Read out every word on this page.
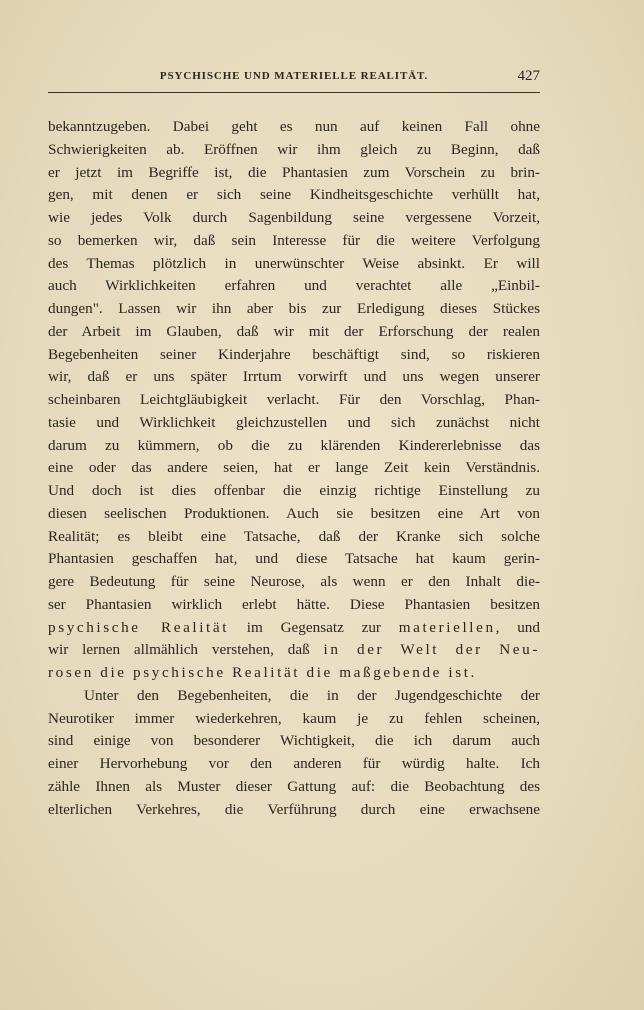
PSYCHISCHE UND MATERIELLE REALITÄT.	427
bekanntzugeben. Dabei geht es nun auf keinen Fall ohne
Schwierigkeiten ab. Eröffnen wir ihm gleich zu Beginn, daß
er jetzt im Begriffe ist, die Phantasien zum Vorschein zu brin-
gen, mit denen er sich seine Kindheitsgeschichte verhüllt hat,
wie jedes Volk durch Sagenbildung seine vergessene Vorzeit,
so bemerken wir, daß sein Interesse für die weitere Verfolgung
des Themas plötzlich in unerwünschter Weise absinkt. Er will
auch Wirklichkeiten erfahren und verachtet alle „Einbil-
dungen". Lassen wir ihn aber bis zur Erledigung dieses Stückes
der Arbeit im Glauben, daß wir mit der Erforschung der realen
Begebenheiten seiner Kinderjahre beschäftigt sind, so riskieren
wir, daß er uns später Irrtum vorwirft und uns wegen unserer
scheinbaren Leichtgläubigkeit verlacht. Für den Vorschlag, Phan-
tasie und Wirklichkeit gleichzustellen und sich zunächst nicht
darum zu kümmern, ob die zu klärenden Kindererlebnisse das
eine oder das andere seien, hat er lange Zeit kein Verständnis.
Und doch ist dies offenbar die einzig richtige Einstellung zu
diesen seelischen Produktionen. Auch sie besitzen eine Art von
Realität; es bleibt eine Tatsache, daß der Kranke sich solche
Phantasien geschaffen hat, und diese Tatsache hat kaum gerin-
gere Bedeutung für seine Neurose, als wenn er den Inhalt die-
ser Phantasien wirklich erlebt hätte. Diese Phantasien besitzen
psychische Realität im Gegensatz zur materiellen, und
wir lernen allmählich verstehen, daß in der Welt der Neu-
rosen die psychische Realität die maßgebende ist.
Unter den Begebenheiten, die in der Jugendgeschichte der
Neurotiker immer wiederkehren, kaum je zu fehlen scheinen,
sind einige von besonderer Wichtigkeit, die ich darum auch
einer Hervorhebung vor den anderen für würdig halte. Ich
zähle Ihnen als Muster dieser Gattung auf: die Beobachtung des
elterlichen Verkehres, die Verführung durch eine erwachsene
